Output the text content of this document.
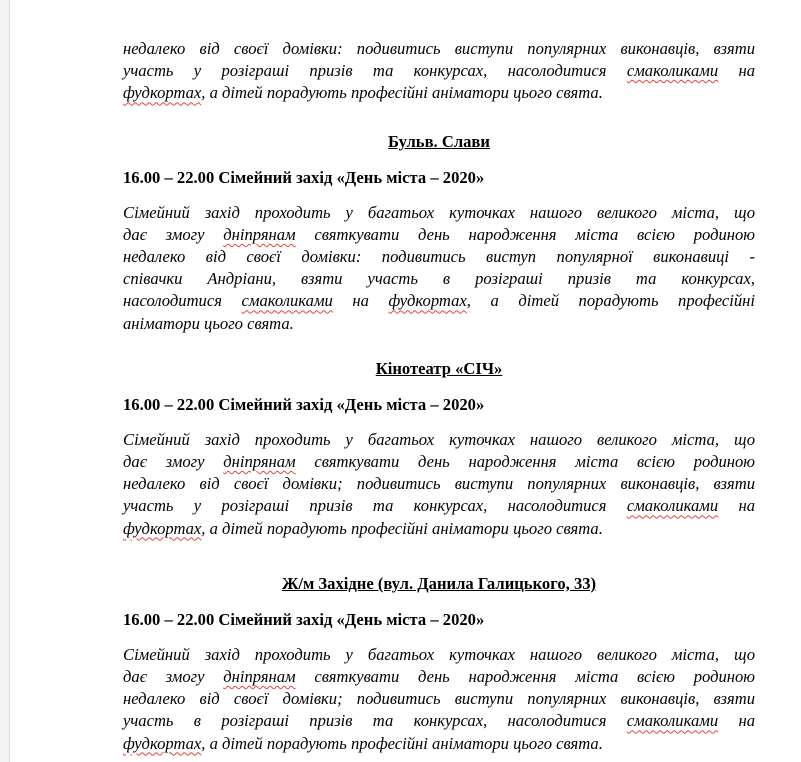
недалеко від своєї домівки: подивитись виступи популярних виконавців, взяти
участь у розіграші призів та конкурсах, насолодитися смаколиками на
фудкортах, а дітей порадують професійні аніматори цього свята.

Бульв. Слави

16.00 – 22.00 Сімейний захід «День міста – 2020»

Сімейний захід проходить у багатьох куточках нашого великого міста, що
дає змогу дніпрянам святкувати день народження міста всією родиною
недалеко від своєї домівки: подивитись виступ популярної виконавиці -
співачки Андріани, взяти участь в розіграші призів та конкурсах,
насолодитися смаколиками на фудкортах, а дітей порадують професійні
аніматори цього свята.

Кінотеатр «СІЧ»

16.00 – 22.00 Сімейний захід «День міста – 2020»

Сімейний захід проходить у багатьох куточках нашого великого міста, що
дає змогу дніпрянам святкувати день народження міста всією родиною
недалеко від своєї домівки; подивитись виступи популярних виконавців, взяти
участь у розіграші призів та конкурсах, насолодитися смаколиками на
фудкортах, а дітей порадують професійні аніматори цього свята.

Ж/м Західне (вул. Данила Галицького, 33)

16.00 – 22.00 Сімейний захід «День міста – 2020»

Сімейний захід проходить у багатьох куточках нашого великого міста, що
дає змогу дніпрянам святкувати день народження міста всією родиною
недалеко від своєї домівки; подивитись виступи популярних виконавців, взяти
участь в розіграші призів та конкурсах, насолодитися смаколиками на
фудкортах, а дітей порадують професійні аніматори цього свята.
